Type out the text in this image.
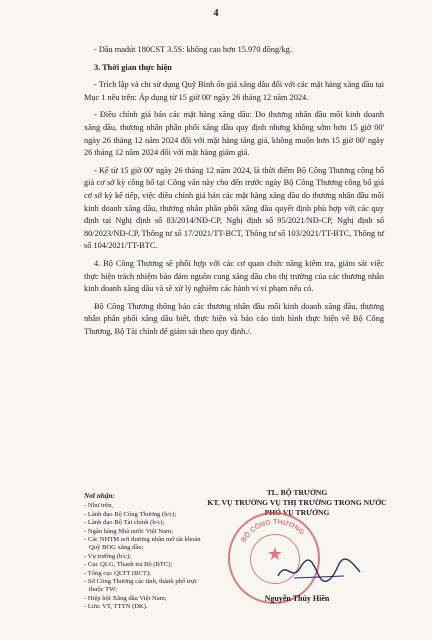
4

- Dầu madút 180CST 3.5S: không cao hơn 15.970 đồng/kg.

3. Thời gian thực hiện

- Trích lập và chi sử dụng Quỹ Bình ổn giá xăng dầu đối với các mặt hàng xăng dầu tại Mục 1 nêu trên: Áp dụng từ 15 giờ 00' ngày 26 tháng 12 năm 2024.

- Điều chỉnh giá bán các mặt hàng xăng dầu: Do thương nhân đầu mối kinh doanh xăng dầu, thương nhân phân phối xăng dầu quy định nhưng không sớm hơn 15 giờ 00' ngày 26 tháng 12 năm 2024 đối với mặt hàng tăng giá, không muộn hơn 15 giờ 00' ngày 26 tháng 12 năm 2024 đối với mặt hàng giảm giá.

- Kể từ 15 giờ 00' ngày 26 tháng 12 năm 2024, là thời điểm Bộ Công Thương công bố giá cơ sở kỳ công bố tại Công văn này cho đến trước ngày Bộ Công Thương công bố giá cơ sở kỳ kế tiếp, việc điều chỉnh giá bán các mặt hàng xăng dầu do thương nhân đầu mối kinh doanh xăng dầu, thương nhân phân phối xăng dầu quyết định phù hợp với các quy định tại Nghị định số 83/2014/NĐ-CP, Nghị định số 95/2021/NĐ-CP, Nghị định số 80/2023/NĐ-CP, Thông tư số 17/2021/TT-BCT, Thông tư số 103/2021/TT-BTC, Thông tư số 104/2021/TT-BTC.

4. Bộ Công Thương sẽ phối hợp với các cơ quan chức năng kiểm tra, giám sát việc thực hiện trách nhiệm bảo đảm nguồn cung xăng dầu cho thị trường của các thương nhân kinh doanh xăng dầu và sẽ xử lý nghiêm các hành vi vi phạm nếu có.

Bộ Công Thương thông báo các thương nhân đầu mối kinh doanh xăng dầu, thương nhân phân phối xăng dầu biết, thực hiện và báo cáo tình hình thực hiện về Bộ Công Thương, Bộ Tài chính để giám sát theo quy định./.

Nơi nhận:
- Như trên,
- Lãnh đạo Bộ Công Thương (b/c);
- Lãnh đạo Bộ Tài chính (b/c);
- Ngân hàng Nhà nước Việt Nam;
- Các NHTM nơi thương nhân mở tài khoản Quỹ BOG xăng dầu;
- Vụ trưởng (b/c);
- Cục QLG, Thanh tra Bộ (BTC);
- Tổng cục QLTT (BCT);
- Sở Công Thương các tỉnh, thành phố trực thuộc TW;
- Hiệp hội Xăng dầu Việt Nam;
- Lưu: VT, TTTN (DK).
TL. BỘ TRƯỞNG
KT. VỤ TRƯỞNG VỤ THỊ TRƯỜNG TRONG NƯỚC
PHÓ VỤ TRƯỞNG
BỘ CÔNG THƯƠNG
★
Nguyễn Thúy Hiền
